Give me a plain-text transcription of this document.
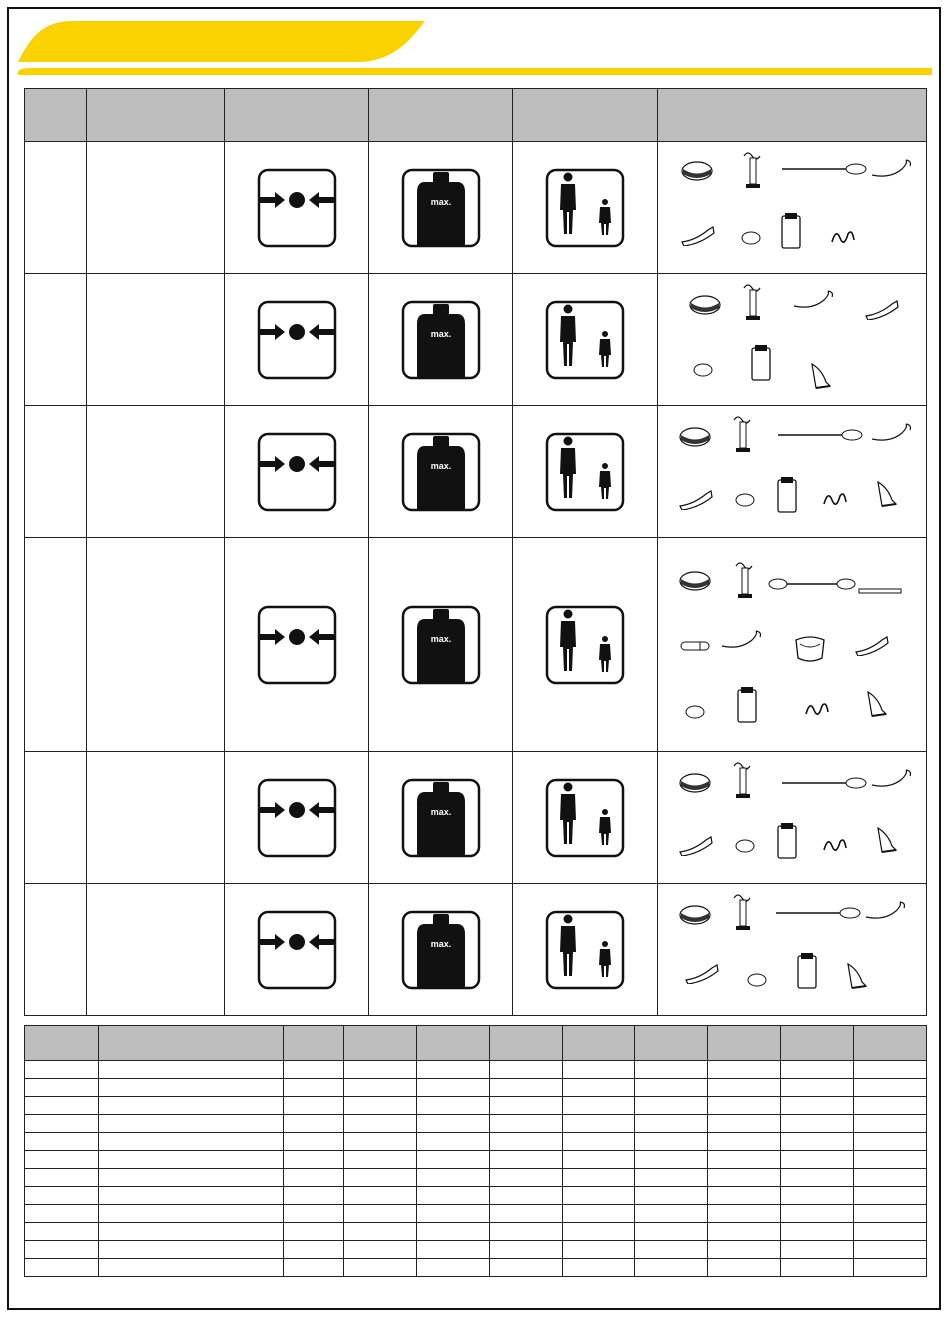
max.

max.

max.

max.

max.

max.
